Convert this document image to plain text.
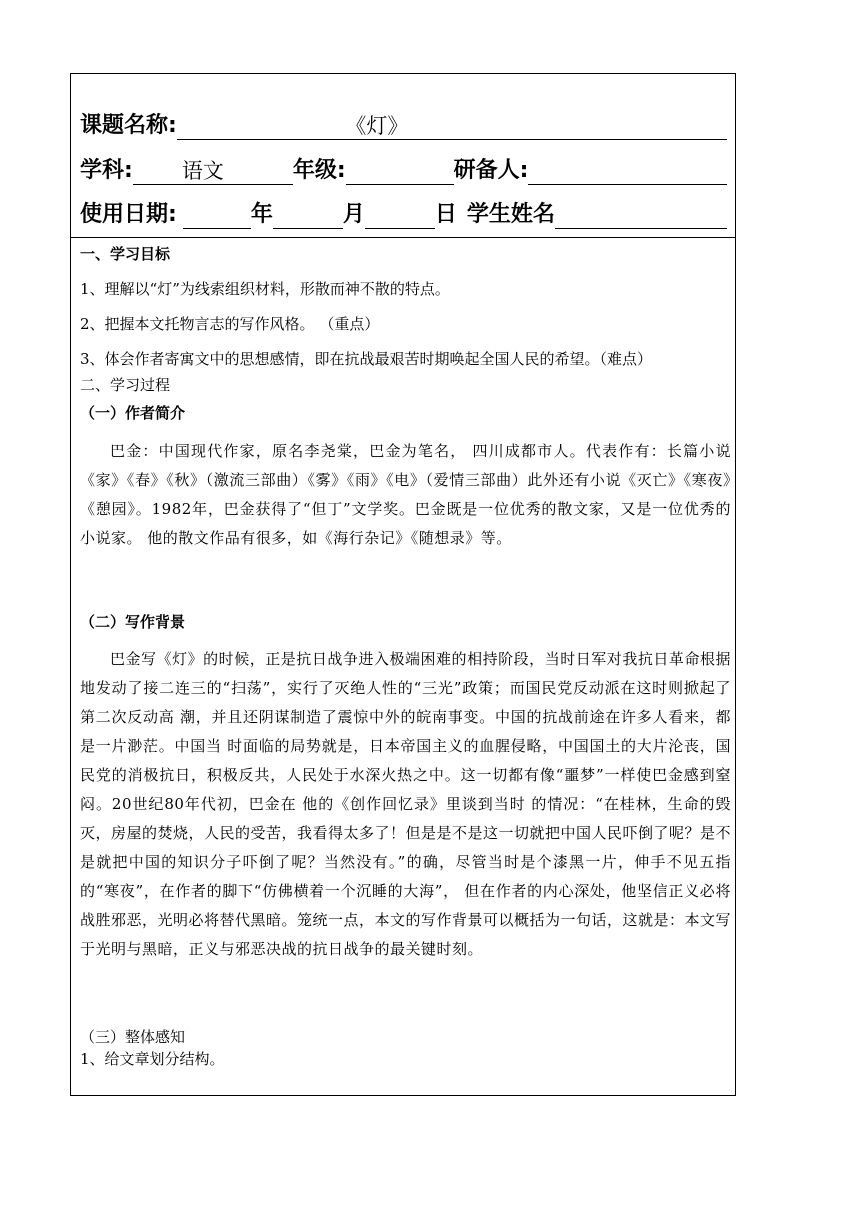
课题名称:	《灯》
学科: 语文	年级:	研备人:
使用日期:	年	月	日 学生姓名
一、学习目标
1、理解以“灯”为线索组织材料，形散而神不散的特点。
2、把握本文托物言志的写作风格。 （重点）
3、体会作者寄寓文中的思想感情，即在抗战最艰苦时期唤起全国人民的希望。（难点）
二、学习过程
（一）作者简介
巴金：中国现代作家，原名李尧棠，巴金为笔名， 四川成都市人。代表作有：长篇小说《家》《春》《秋》（激流三部曲）《雾》《雨》《电》（爱情三部曲）此外还有小说《灭亡》《寒夜》《憩园》。1982年，巴金获得了“但丁”文学奖。巴金既是一位优秀的散文家，又是一位优秀的小说家。 他的散文作品有很多，如《海行杂记》《随想录》等。
（二）写作背景
巴金写《灯》的时候，正是抗日战争进入极端困难的相持阶段，当时日军对我抗日革命根据地发动了接二连三的“扫荡”，实行了灭绝人性的“三光”政策；而国民党反动派在这时则掀起了第二次反动高 潮，并且还阴谋制造了震惊中外的皖南事变。中国的抗战前途在许多人看来，都是一片渺茫。中国当 时面临的局势就是，日本帝国主义的血腥侵略，中国国土的大片沦丧，国民党的消极抗日，积极反共，人民处于水深火热之中。这一切都有像“噩梦”一样使巴金感到窒闷。20世纪80年代初，巴金在 他的《创作回忆录》里谈到当时 的情况：“在桂林，生命的毁灭，房屋的焚烧，人民的受苦，我看得太多了！但是是不是这一切就把中国人民吓倒了呢？是不是就把中国的知识分子吓倒了呢？当然没有。”的确，尽管当时是个漆黑一片，伸手不见五指的“寒夜”，在作者的脚下“仿佛横着一个沉睡的大海”， 但在作者的内心深处，他坚信正义必将战胜邪恶，光明必将替代黑暗。笼统一点，本文的写作背景可以概括为一句话，这就是：本文写于光明与黑暗，正义与邪恶决战的抗日战争的最关键时刻。
（三）整体感知
1、给文章划分结构。
